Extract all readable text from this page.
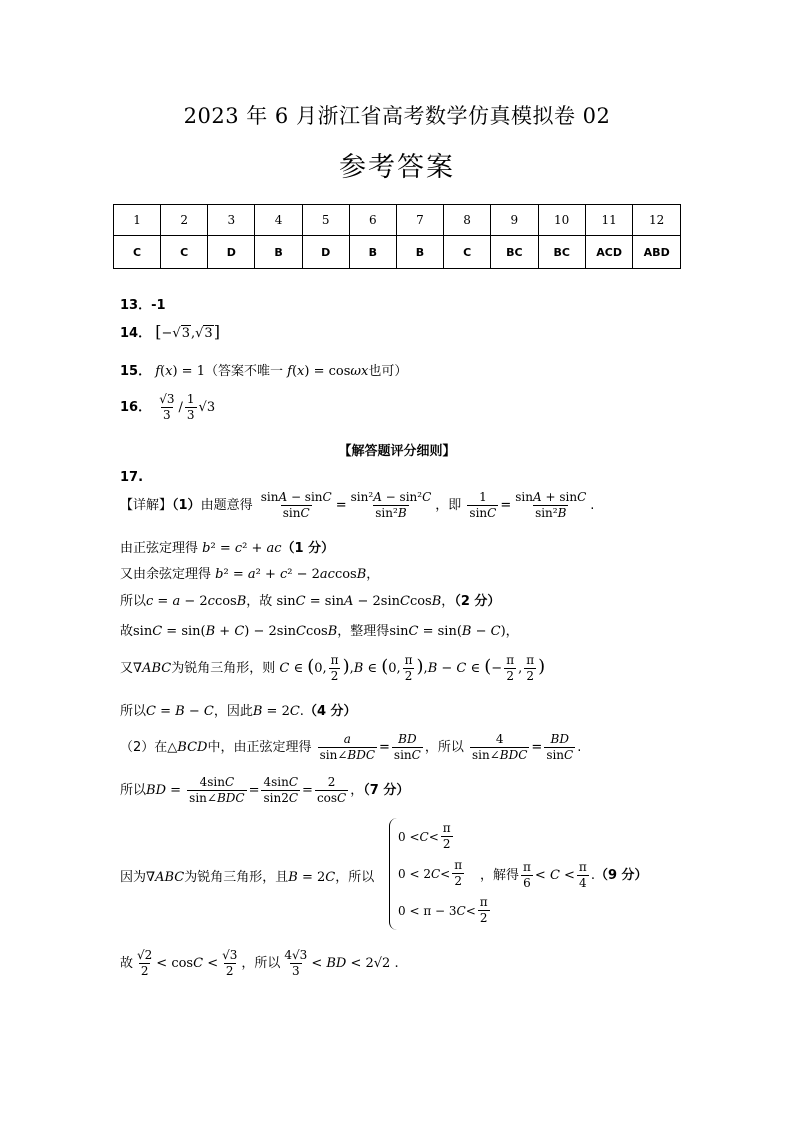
2023 年 6 月浙江省高考数学仿真模拟卷 02
参考答案
1	2	3	4	5	6	7	8	9	10	11	12
C	C	D	B	D	B	B	C	BC	BC	ACD	ABD
13．-1
14． [−√3,√3]
15． f(x) = 1（答案不唯一 f(x) = cosωx也可）
16． $\frac{√3}{3} / \frac{1}{3} √3$
【解答题评分细则】
17.
【详解】（1）由题意得 $\frac{\sin A - \sin C}{\sin C} = \frac{\text{sin²A − sin²C}}{\text{sin²B}}$ ，即 $\frac{1}{\sin C} = \frac{\sin A + \sin C}{\text{sin²B}}$ .
由正弦定理得 b² = c² + ac（1 分）
又由余弦定理得 b² = a² + c² − 2accosB，
所以c = a − 2ccosB，故 sinC = sinA − 2sinCcosB，（2 分）
故sinC = sin(B + C) − 2sinCcosB，整理得sinC = sin(B − C)，
又∇ABC为锐角三角形，则 C ∈ (0, $\frac{\pi}{2} ),B$ ∈ (0, $\frac{\pi}{2} ),B - C$ ∈ (− $\frac{\pi}{2}$ , $\frac{\pi}{2}$ )
所以C = B − C，因此B = 2C.（4 分）
（2）在△BCD中，由正弦定理得 $\frac{a}{\text{sin∠BDC}} = \frac{BD}{\sin C}$ ，所以 $\frac{4}{\text{sin∠BDC}} = \frac{BD}{\sin C}$ .
所以BD = $\frac{4\sin C}{\text{sin∠BDC}} = \frac{4\sin C}{\sin 2C} = \frac{2}{\cos C}$ ，（7 分）
因为∇ABC为锐角三角形，且B = 2C，所以
$0 < C < \frac{\pi}{2}$
0 < 2 $C < \frac{\pi}{2}$
0 < π − 3 $C < \frac{\pi}{2}$
，解得 $\frac{\pi}{6} < C < \frac{\pi}{4} .(9$ 分）
故 $\frac{√2}{2} < \cos C < \frac{√3}{2}$ ，所以 $\frac{4√3}{3}$ < BD < 2√2 .
